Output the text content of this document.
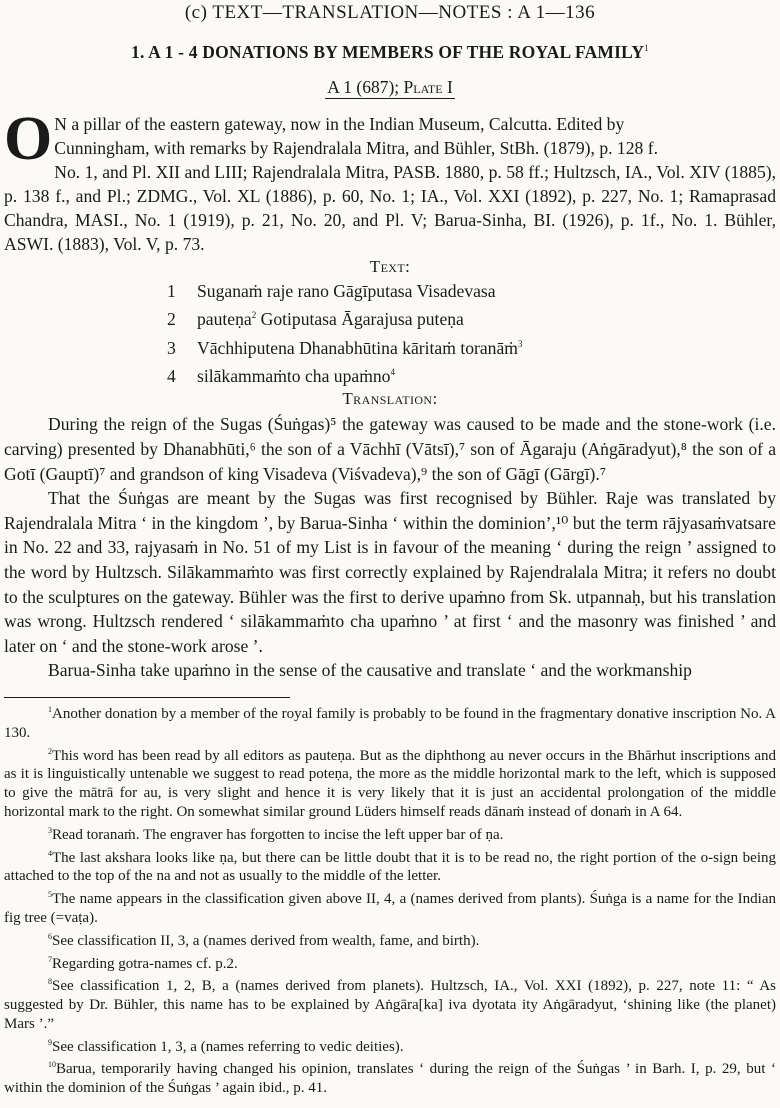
(c) TEXT—TRANSLATION—NOTES : A 1—136
1. A 1 - 4 DONATIONS BY MEMBERS OF THE ROYAL FAMILY$^1$
A 1 (687); Plate I
O N a pillar of the eastern gateway, now in the Indian Museum, Calcutta. Edited by
Cunningham, with remarks by Rajendralala Mitra, and Bühler, StBh. (1879), p. 128 f.
No. 1, and Pl. XII and LIII; Rajendralala Mitra, PASB. 1880, p. 58 ff.; Hultzsch, IA., Vol. XIV (1885), p. 138 f., and Pl.; ZDMG., Vol. XL (1886), p. 60, No. 1; IA., Vol. XXI (1892), p. 227, No. 1; Ramaprasad Chandra, MASI., No. 1 (1919), p. 21, No. 20, and Pl. V; Barua-Sinha, BI. (1926), p. 1f., No. 1. Bühler, ASWI. (1883), Vol. V, p. 73.
Text:
1 Suganaṁ raje rano Gāgīputasa Visadevasa
2 pauteṇa$^2$ Gotiputasa Āgarajusa puteṇa
3 Vāchhiputena Dhanabhūtina kāritaṁ toranāṁ$^3$
4 silākammaṁto cha upaṁno$^4$
Translation:

During the reign of the Sugas (Śuṅgas)⁵ the gateway was caused to be made and the stone-work (i.e. carving) presented by Dhanabhūti,⁶ the son of a Vāchhī (Vātsī),⁷ son of Āgaraju (Aṅgāradyut),⁸ the son of a Gotī (Gauptī)⁷ and grandson of king Visadeva (Viśvadeva),⁹ the son of Gāgī (Gārgī).⁷

That the Śuṅgas are meant by the Sugas was first recognised by Bühler. Raje was translated by Rajendralala Mitra ‘ in the kingdom ’, by Barua-Sinha ‘ within the dominion’,¹⁰ but the term rājyasaṁvatsare in No. 22 and 33, rajyasaṁ in No. 51 of my List is in favour of the meaning ‘ during the reign ’ assigned to the word by Hultzsch. Silākammaṁto was first correctly explained by Rajendralala Mitra; it refers no doubt to the sculptures on the gateway. Bühler was the first to derive upaṁno from Sk. utpannaḥ, but his translation was wrong. Hultzsch rendered ‘ silākammaṁto cha upaṁno ’ at first ‘ and the masonry was finished ’ and later on ‘ and the stone-work arose ’.

Barua-Sinha take upaṁno in the sense of the causative and translate ‘ and the workmanship

$^1$Another donation by a member of the royal family is probably to be found in the fragmentary donative inscription No. A 130.

$^2$This word has been read by all editors as pauteṇa. But as the diphthong au never occurs in the Bhārhut inscriptions and as it is linguistically untenable we suggest to read poteṇa, the more as the middle horizontal mark to the left, which is supposed to give the mātrā for au, is very slight and hence it is very likely that it is just an accidental prolongation of the middle horizontal mark to the right. On somewhat similar ground Lüders himself reads dānaṁ instead of donaṁ in A 64.

$^3$Read toranaṁ. The engraver has forgotten to incise the left upper bar of ṇa.

$^4$The last akshara looks like ṇa, but there can be little doubt that it is to be read no, the right portion of the o-sign being attached to the top of the na and not as usually to the middle of the letter.

$^5$The name appears in the classification given above II, 4, a (names derived from plants). Śuṅga is a name for the Indian fig tree (=vaṭa).

$^6$See classification II, 3, a (names derived from wealth, fame, and birth).

$^7$Regarding gotra-names cf. p.2.

$^8$See classification 1, 2, B, a (names derived from planets). Hultzsch, IA., Vol. XXI (1892), p. 227, note 11: “ As suggested by Dr. Bühler, this name has to be explained by Aṅgāra[ka] iva dyotata ity Aṅgāradyut, ‘shining like (the planet) Mars ’.”

$^9$See classification 1, 3, a (names referring to vedic deities).

$^{10}$Barua, temporarily having changed his opinion, translates ‘ during the reign of the Śuṅgas ’ in Barh. I, p. 29, but ‘ within the dominion of the Śuṅgas ’ again ibid., p. 41.
